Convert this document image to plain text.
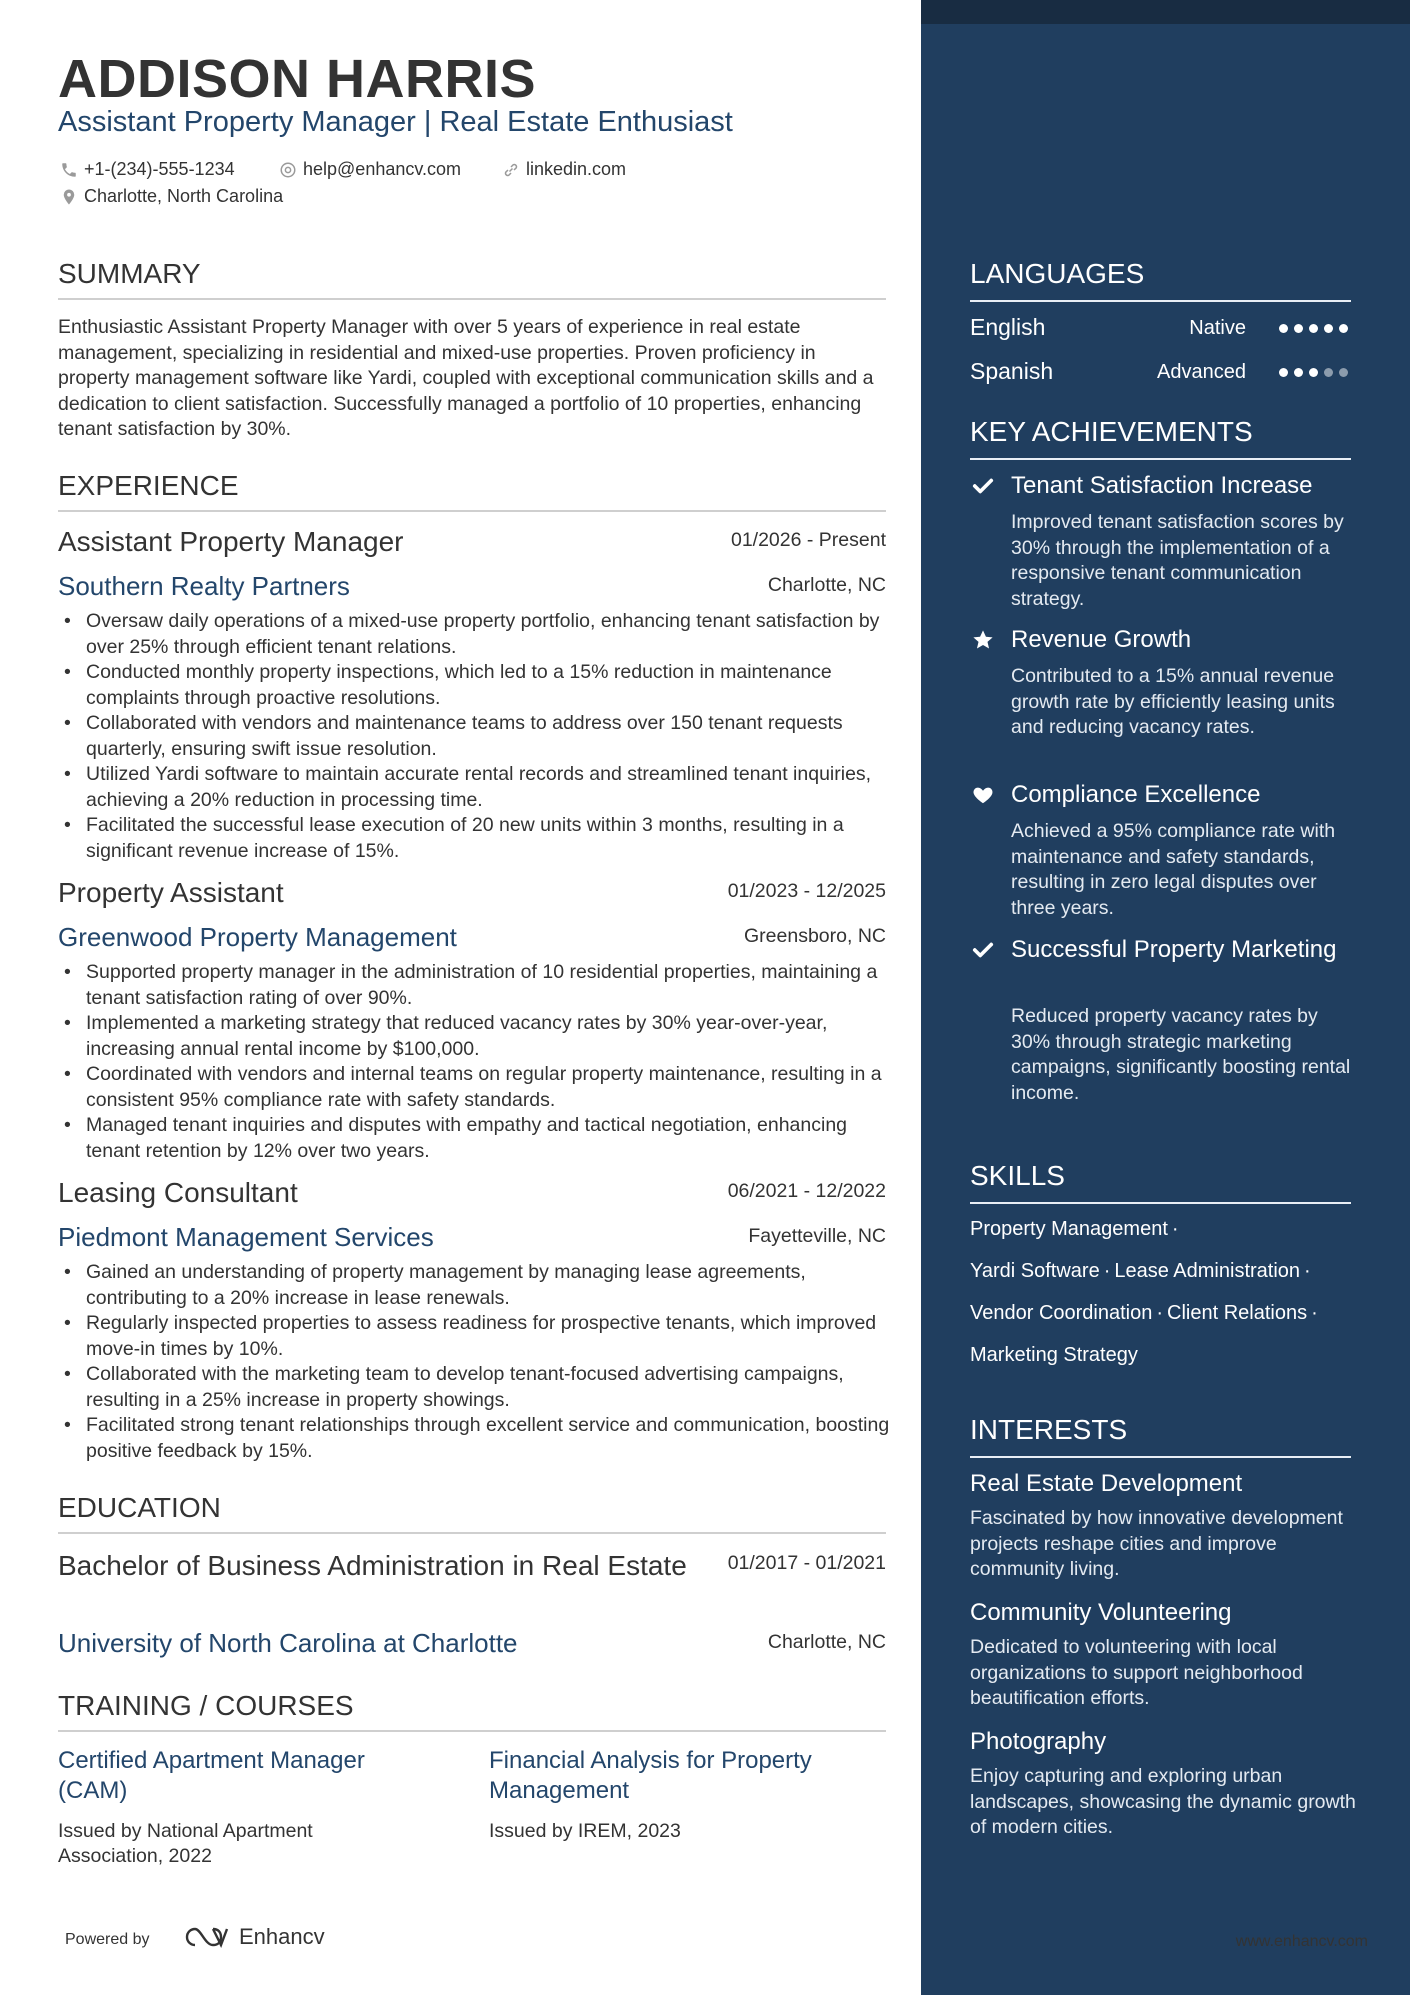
ADDISON HARRIS
Assistant Property Manager | Real Estate Enthusiast
+1-(234)-555-1234	help@enhancv.com	linkedin.com
Charlotte, North Carolina
SUMMARY
Enthusiastic Assistant Property Manager with over 5 years of experience in real estate management, specializing in residential and mixed-use properties. Proven proficiency in property management software like Yardi, coupled with exceptional communication skills and a dedication to client satisfaction. Successfully managed a portfolio of 10 properties, enhancing tenant satisfaction by 30%.
EXPERIENCE
Assistant Property Manager	01/2026 - Present
Southern Realty Partners	Charlotte, NC
• Oversaw daily operations of a mixed-use property portfolio, enhancing tenant satisfaction by over 25% through efficient tenant relations.
• Conducted monthly property inspections, which led to a 15% reduction in maintenance complaints through proactive resolutions.
• Collaborated with vendors and maintenance teams to address over 150 tenant requests quarterly, ensuring swift issue resolution.
• Utilized Yardi software to maintain accurate rental records and streamlined tenant inquiries, achieving a 20% reduction in processing time.
• Facilitated the successful lease execution of 20 new units within 3 months, resulting in a significant revenue increase of 15%.
Property Assistant	01/2023 - 12/2025
Greenwood Property Management	Greensboro, NC
• Supported property manager in the administration of 10 residential properties, maintaining a tenant satisfaction rating of over 90%.
• Implemented a marketing strategy that reduced vacancy rates by 30% year-over-year, increasing annual rental income by $100,000.
• Coordinated with vendors and internal teams on regular property maintenance, resulting in a consistent 95% compliance rate with safety standards.
• Managed tenant inquiries and disputes with empathy and tactical negotiation, enhancing tenant retention by 12% over two years.
Leasing Consultant	06/2021 - 12/2022
Piedmont Management Services	Fayetteville, NC
• Gained an understanding of property management by managing lease agreements, contributing to a 20% increase in lease renewals.
• Regularly inspected properties to assess readiness for prospective tenants, which improved move-in times by 10%.
• Collaborated with the marketing team to develop tenant-focused advertising campaigns, resulting in a 25% increase in property showings.
• Facilitated strong tenant relationships through excellent service and communication, boosting positive feedback by 15%.
EDUCATION
Bachelor of Business Administration in Real Estate	01/2017 - 01/2021
University of North Carolina at Charlotte	Charlotte, NC
TRAINING / COURSES
Certified Apartment Manager (CAM)
Issued by National Apartment Association, 2022
Financial Analysis for Property Management
Issued by IREM, 2023
Powered by	Enhancv	www.enhancv.com
LANGUAGES
English	Native
Spanish	Advanced
KEY ACHIEVEMENTS
Tenant Satisfaction Increase
Improved tenant satisfaction scores by 30% through the implementation of a responsive tenant communication strategy.
Revenue Growth
Contributed to a 15% annual revenue growth rate by efficiently leasing units and reducing vacancy rates.
Compliance Excellence
Achieved a 95% compliance rate with maintenance and safety standards, resulting in zero legal disputes over three years.
Successful Property Marketing
Reduced property vacancy rates by 30% through strategic marketing campaigns, significantly boosting rental income.
SKILLS
Property Management ·
Yardi Software · Lease Administration ·
Vendor Coordination · Client Relations ·
Marketing Strategy
INTERESTS
Real Estate Development
Fascinated by how innovative development projects reshape cities and improve community living.
Community Volunteering
Dedicated to volunteering with local organizations to support neighborhood beautification efforts.
Photography
Enjoy capturing and exploring urban landscapes, showcasing the dynamic growth of modern cities.
